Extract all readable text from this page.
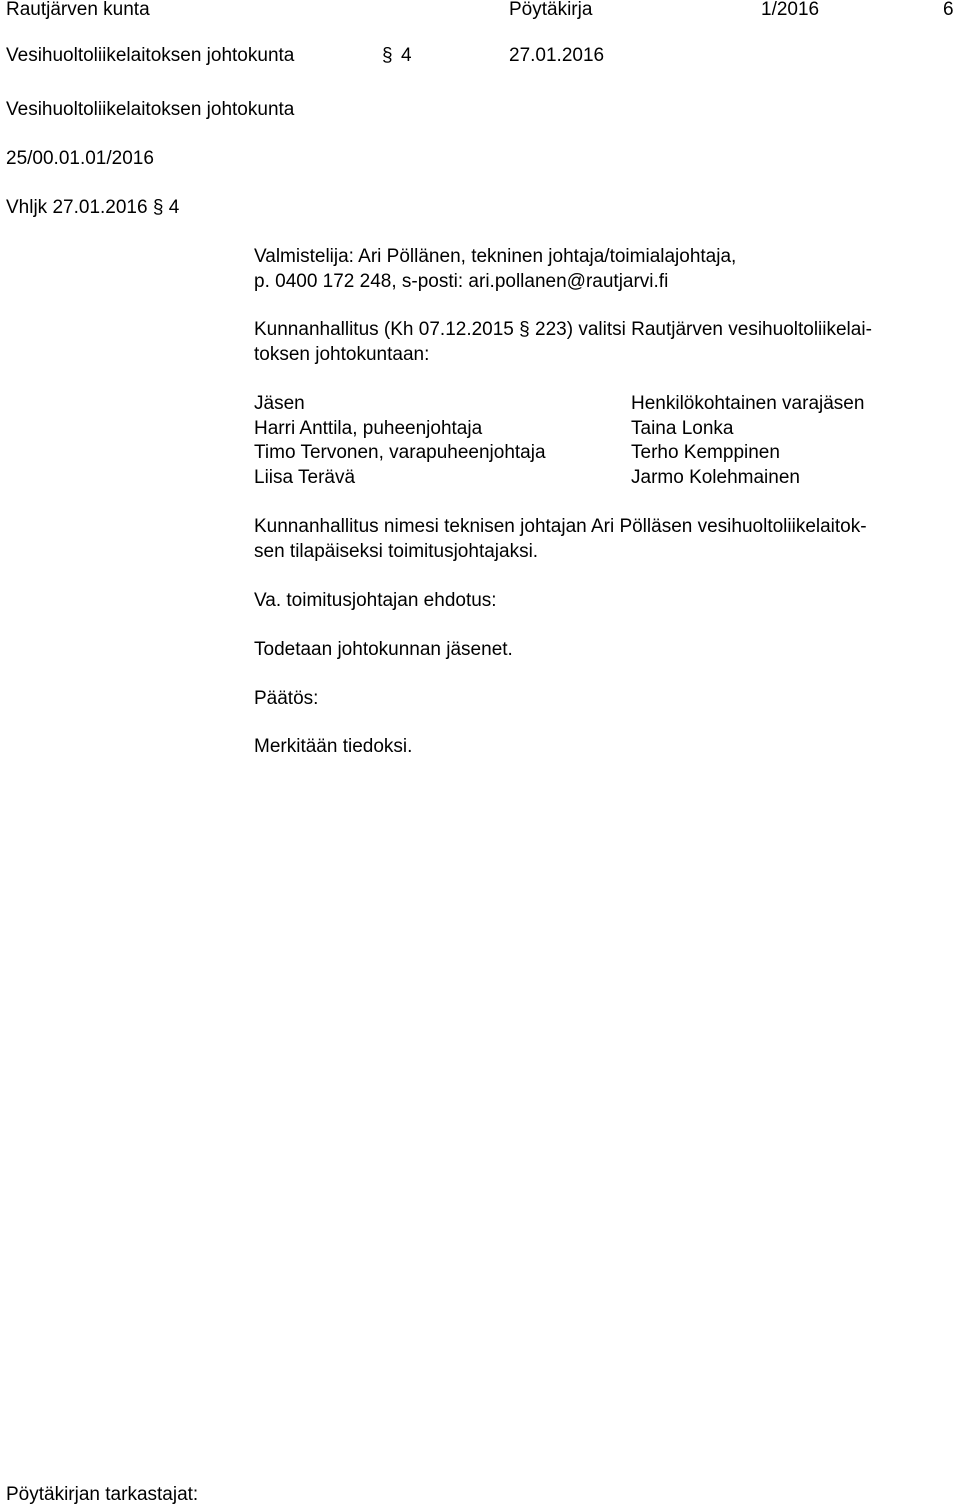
Rautjärven kunta	Pöytäkirja	1/2016	6
Vesihuoltoliikelaitoksen johtokunta	§ 4	27.01.2016
Vesihuoltoliikelaitoksen johtokunta
25/00.01.01/2016
Vhljk 27.01.2016 § 4
Valmistelija: Ari Pöllänen, tekninen johtaja/toimialajohtaja,
p. 0400 172 248, s-posti: ari.pollanen@rautjarvi.fi
Kunnanhallitus (Kh 07.12.2015 § 223) valitsi Rautjärven vesihuoltoliikelai-
toksen johtokuntaan:
Jäsen	Henkilökohtainen varajäsen
Harri Anttila, puheenjohtaja	Taina Lonka
Timo Tervonen, varapuheenjohtaja	Terho Kemppinen
Liisa Terävä	Jarmo Kolehmainen
Kunnanhallitus nimesi teknisen johtajan Ari Pölläsen vesihuoltoliikelaitok-
sen tilapäiseksi toimitusjohtajaksi.
Va. toimitusjohtajan ehdotus:
Todetaan johtokunnan jäsenet.
Päätös:
Merkitään tiedoksi.
Pöytäkirjan tarkastajat:
